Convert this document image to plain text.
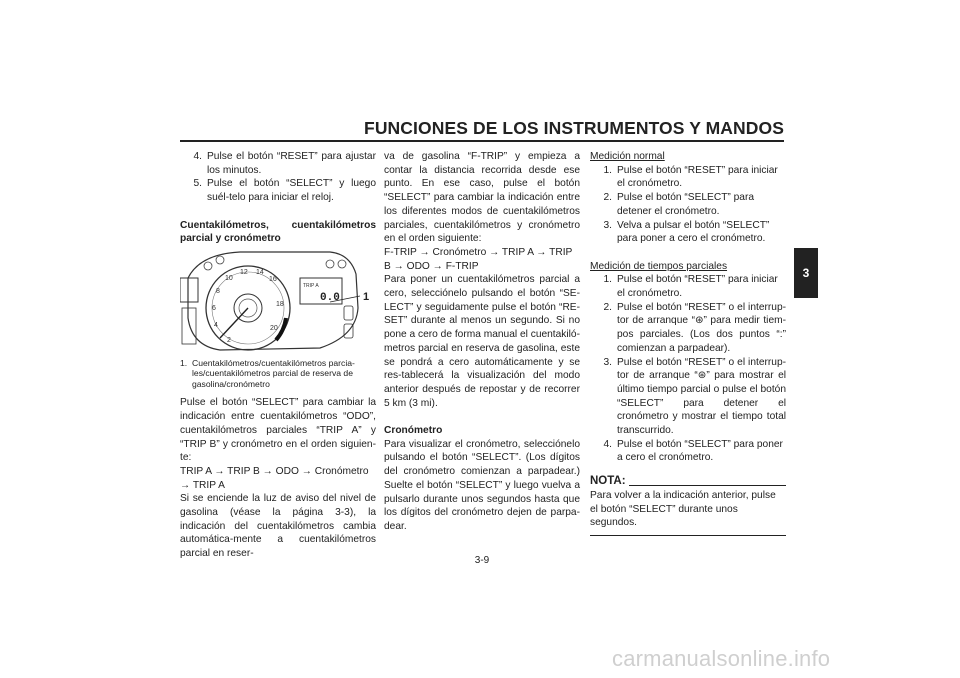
FUNCIONES DE LOS INSTRUMENTOS Y MANDOS
3
4. Pulse el botón “RESET” para ajustar los minutos.
5. Pulse el botón “SELECT” y luego suél-telo para iniciar el reloj.
Cuentakilómetros, cuentakilómetros parcial y cronómetro
2
4
6
8
10
12 14
16
18
20
TRIP A
0.0 1
1. Cuentakilómetros/cuentakilómetros parcia-les/cuentakilómetros parcial de reserva de gasolina/cronómetro
Pulse el botón “SELECT” para cambiar la indicación entre cuentakilómetros “ODO”, cuentakilómetros parciales “TRIP A” y “TRIP B” y cronómetro en el orden siguien-te:
TRIP A → TRIP B → ODO → Cronómetro → TRIP A
Si se enciende la luz de aviso del nivel de gasolina (véase la página 3-3), la indicación del cuentakilómetros cambia automática-mente a cuentakilómetros parcial en reser-
va de gasolina “F-TRIP” y empieza a contar la distancia recorrida desde ese punto. En ese caso, pulse el botón “SELECT” para cambiar la indicación entre los diferentes modos de cuentakilómetros parciales, cuentakilómetros y cronómetro en el orden siguiente:
F-TRIP → Cronómetro → TRIP A → TRIP B → ODO → F-TRIP
Para poner un cuentakilómetros parcial a cero, selecciónelo pulsando el botón “SE-LECT” y seguidamente pulse el botón “RE-SET” durante al menos un segundo. Si no pone a cero de forma manual el cuentakiló-metros parcial en reserva de gasolina, este se pondrá a cero automáticamente y se res-tablecerá la visualización del modo anterior después de repostar y de recorrer 5 km (3 mi).
Cronómetro
Para visualizar el cronómetro, selecciónelo pulsando el botón “SELECT”. (Los dígitos del cronómetro comienzan a parpadear.) Suelte el botón “SELECT” y luego vuelva a pulsarlo durante unos segundos hasta que los dígitos del cronómetro dejen de parpa-dear.
Medición normal
1. Pulse el botón “RESET” para iniciar el cronómetro.
2. Pulse el botón “SELECT” para detener el cronómetro.
3. Velva a pulsar el botón “SELECT” para poner a cero el cronómetro.
Medición de tiempos parciales
1. Pulse el botón “RESET” para iniciar el cronómetro.
2. Pulse el botón “RESET” o el interrup-tor de arranque “⊛” para medir tiem-pos parciales. (Los dos puntos “:” comienzan a parpadear).
3. Pulse el botón “RESET” o el interrup-tor de arranque “⊛” para mostrar el último tiempo parcial o pulse el botón “SELECT” para detener el cronómetro y mostrar el tiempo total transcurrido.
4. Pulse el botón “SELECT” para poner a cero el cronómetro.
NOTA:
Para volver a la indicación anterior, pulse el botón “SELECT” durante unos segundos.
3-9
carmanualsonline.info
